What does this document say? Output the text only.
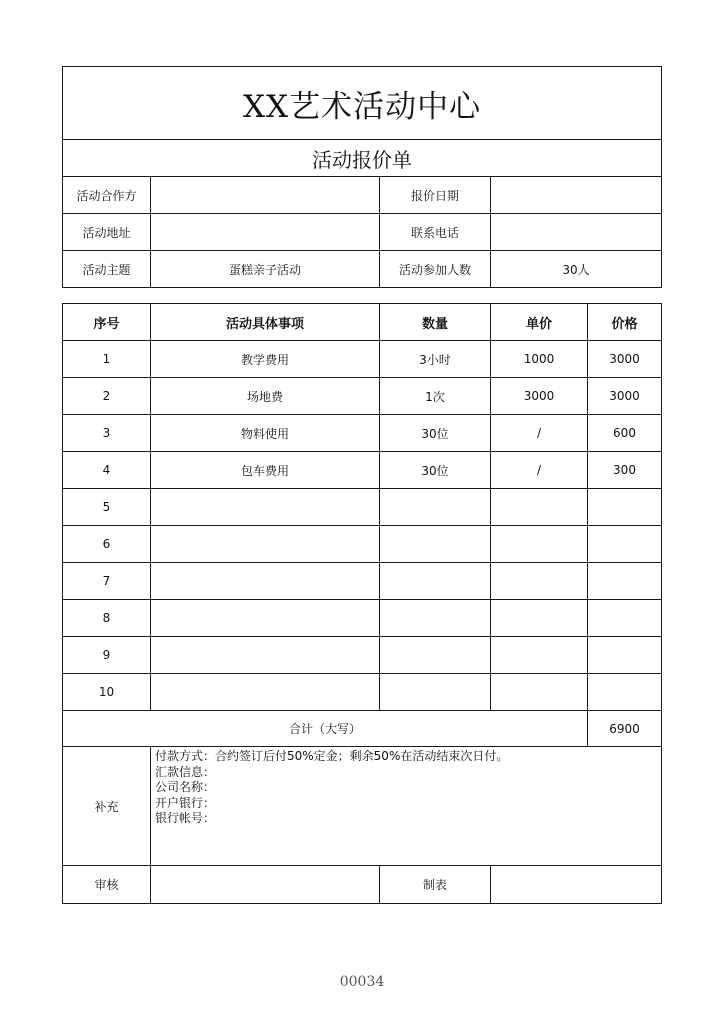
XX艺术活动中心			
活动报价单			
活动合作方		报价日期	
活动地址		联系电话	
活动主题	蛋糕亲子活动	活动参加人数	30人
序号	活动具体事项	数量	单价	价格
1	教学费用	3小时	1000	3000
2	场地费	1次	3000	3000
3	物料使用	30位	/	600
4	包车费用	30位	/	300
5				
6				
7				
8				
9				
10				
合计（大写）				6900
补充	付款方式：合约签订后付50%定金；剩余50%在活动结束次日付。
汇款信息：
公司名称：
开户银行：
银行帐号：			

审核		制表		
00034
